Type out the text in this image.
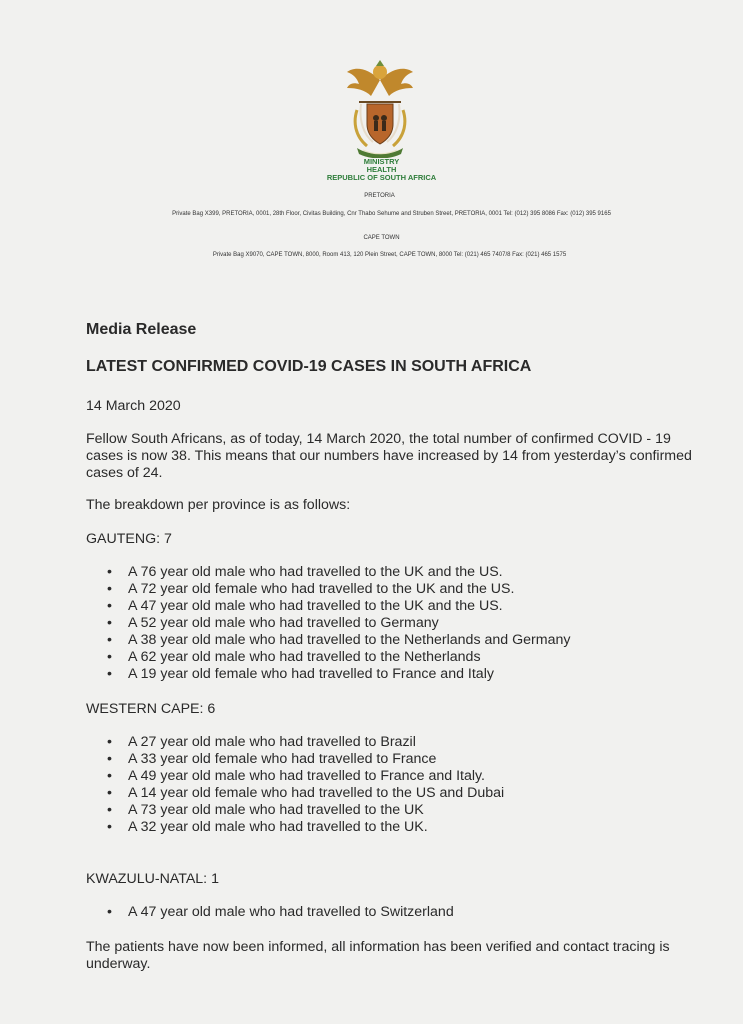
MINISTRY
HEALTH
REPUBLIC OF SOUTH AFRICA
PRETORIA
Private Bag X399, PRETORIA, 0001, 28th Floor, Civitas Building, Cnr Thabo Sehume and Struben Street, PRETORIA, 0001 Tel: (012) 395 8086 Fax: (012) 395 9165
CAPE TOWN
Private Bag X9070, CAPE TOWN, 8000, Room 413, 120 Plein Street, CAPE TOWN, 8000 Tel: (021) 465 7407/8 Fax: (021) 465 1575
Media Release
LATEST CONFIRMED COVID-19 CASES IN SOUTH AFRICA
14 March 2020
Fellow South Africans, as of today, 14 March 2020, the total number of confirmed COVID - 19 cases is now 38. This means that our numbers have increased by 14 from yesterday’s confirmed cases of 24.
The breakdown per province is as follows:
GAUTENG: 7
• A 76 year old male who had travelled to the UK and the US.
• A 72 year old female who had travelled to the UK and the US.
• A 47 year old male who had travelled to the UK and the US.
• A 52 year old male who had travelled to Germany
• A 38 year old male who had travelled to the Netherlands and Germany
• A 62 year old male who had travelled to the Netherlands
• A 19 year old female who had travelled to France and Italy
WESTERN CAPE: 6
• A 27 year old male who had travelled to Brazil
• A 33 year old female who had travelled to France
• A 49 year old male who had travelled to France and Italy.
• A 14 year old female who had travelled to the US and Dubai
• A 73 year old male who had travelled to the UK
• A 32 year old male who had travelled to the UK.
KWAZULU-NATAL: 1
• A 47 year old male who had travelled to Switzerland
The patients have now been informed, all information has been verified and contact tracing is underway.
